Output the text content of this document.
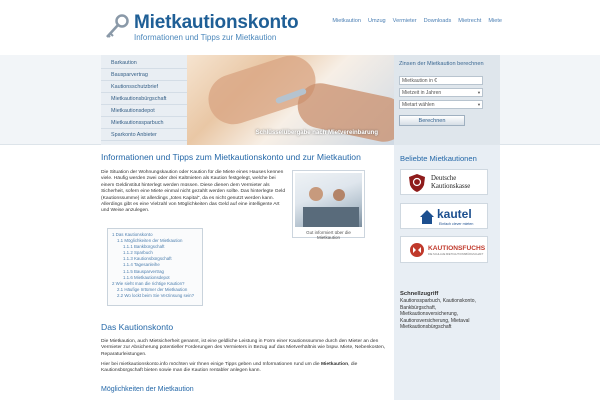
Mietkautionskonto
Informationen und Tipps zur Mietkaution
Mietkaution Umzug Vermieter Downloads Mietrecht Miete
Barkaution
Bausparvertrag
Kautionsschutzbrief
Mietkautionsbürgschaft
Mietkautionsdepot
Mietkautionssparbuch
Sparkonto Anbieter	Schlüsselübergabe nach Mietvereinbarung
Zinsen der Mietkaution berechnen
Mietkaution in €
Mietzeit in Jahren ▼
Mietart wählen ▼
Berechnen
Informationen und Tipps zum Mietkautionskonto und zur Mietkaution
Die Situation der Wohnungskaution oder Kaution für die Miete eines Hauses kennen viele. Häufig werden zwei oder drei Kaltmieten als Kaution festgelegt, welche bei einem Geldinstitut hinterlegt werden müssen. Diese dienen dem Vermieter als Sicherheit, sofern eine Miete einmal nicht gezahlt werden sollte. Das hinterlegte Geld (Kautionssumme) ist allerdings „totes Kapital", da es nicht genutzt werden kann. Allerdings gibt es eine Vielzahl von Möglichkeiten das Geld auf eine intelligente Art und Weise anzulegen.
Gut informiert über die Mietkaution
1 Das Kautionskonto
1.1 Möglichkeiten der Mietkaution
1.1.1 Bankbürgschaft
1.1.2 Sparbuch
1.1.3 Kautionsbürgschaft
1.1.4 Tagesanleihe
1.1.5 Bausparvertrag
1.1.6 Mietkautionsdepot
2 Wie sieht man die richtige Kaution?
2.1 Häufige Irrtümer der Mietkaution
2.2 Wo lockt beim Sie Verzinsung sein?
Das Kautionskonto
Die Mietkaution, auch Mietsicherheit genannt, ist eine geldliche Leistung in Form einer Kautionssumme durch den Mieter an den Vermieter zur Absicherung potentieller Forderungen des Vermieters in Bezug auf das Mietverhältnis wie bspw. Miete, Nebenkosten, Reparaturleistungen.
Hier bei mietkautionskonto.info möchten wir Ihnen einige Tipps geben und Informationen rund um die Mietkaution, die Kautionsbürgschaft bieten sowie man die Kaution rentabler anlegen kann.
Möglichkeiten der Mietkaution
Beliebte Mietkautionen
Deutsche
Kautionskasse
kautel
Einfach clever mieten
KAUTIONSFUCHS
DIE SCHLAUE MIETKAUTIONSBÜRGSCHAFT
Schnellzugriff
Kautionssparbuch, Kautionskonto, Bankbürgschaft, Mietkautionsversicherung, Kautionsversicherung, Mietaval Mietkautionsbürgschaft
